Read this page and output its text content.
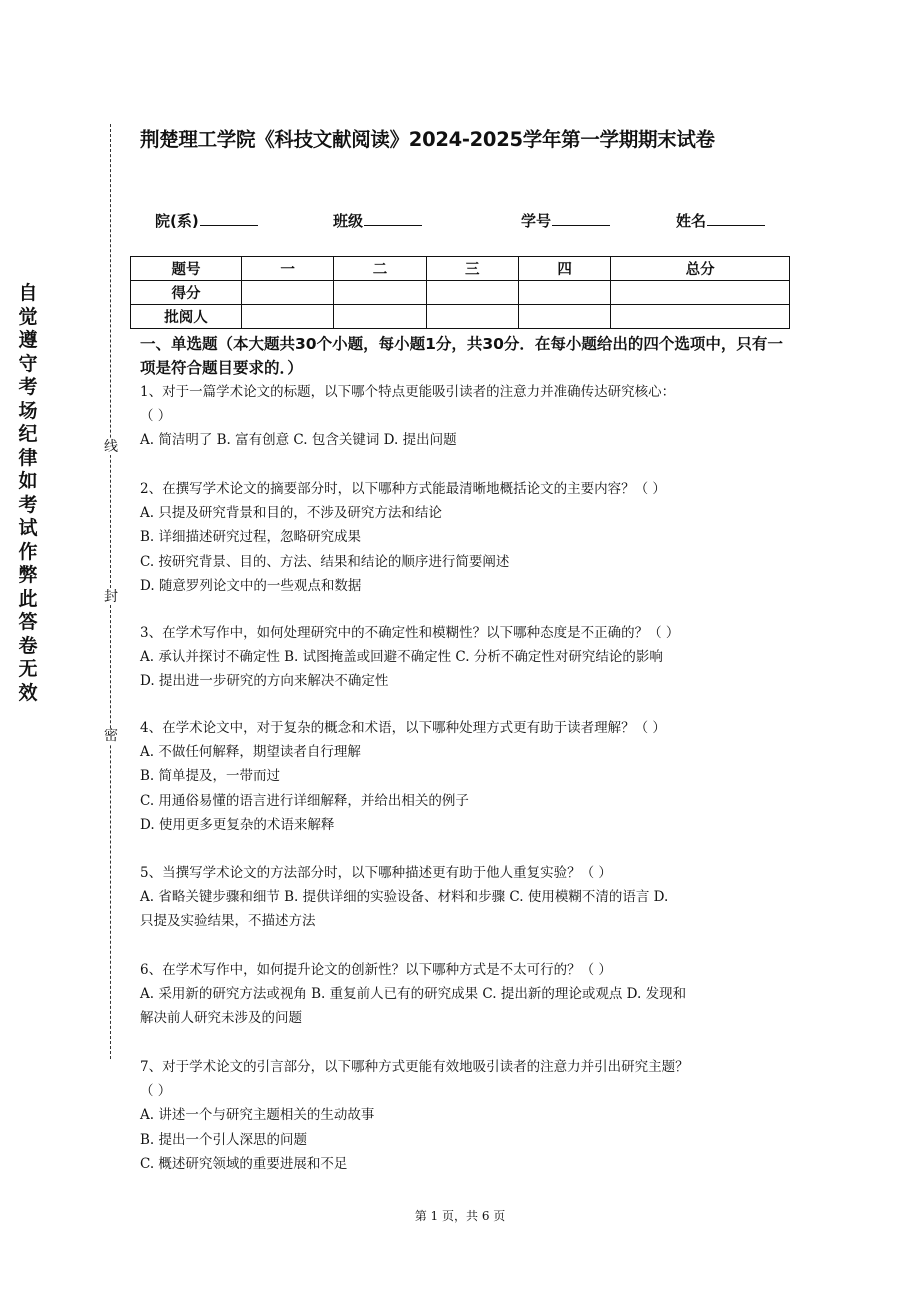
自
觉
遵
守
考
场
纪
律
如
考
试
作
弊
此
答
卷
无
效
线
封
密
荆楚理工学院《科技文献阅读》2024-2025学年第一学期期末试卷
院(系)	班级	学号	姓名
题号	一	二	三	四	总分
得分					
批阅人					
一、单选题（本大题共30个小题，每小题1分，共30分．在每小题给出的四个选项中，只有一项是符合题目要求的．）
1、对于一篇学术论文的标题，以下哪个特点更能吸引读者的注意力并准确传达研究核心：
（ ）
A. 简洁明了 B. 富有创意 C. 包含关键词 D. 提出问题
2、在撰写学术论文的摘要部分时，以下哪种方式能最清晰地概括论文的主要内容？（ ）
A. 只提及研究背景和目的，不涉及研究方法和结论
B. 详细描述研究过程，忽略研究成果
C. 按研究背景、目的、方法、结果和结论的顺序进行简要阐述
D. 随意罗列论文中的一些观点和数据
3、在学术写作中，如何处理研究中的不确定性和模糊性？以下哪种态度是不正确的？（ ）
A. 承认并探讨不确定性 B. 试图掩盖或回避不确定性 C. 分析不确定性对研究结论的影响
D. 提出进一步研究的方向来解决不确定性
4、在学术论文中，对于复杂的概念和术语，以下哪种处理方式更有助于读者理解？（ ）
A. 不做任何解释，期望读者自行理解
B. 简单提及，一带而过
C. 用通俗易懂的语言进行详细解释，并给出相关的例子
D. 使用更多更复杂的术语来解释
5、当撰写学术论文的方法部分时，以下哪种描述更有助于他人重复实验？（ ）
A. 省略关键步骤和细节 B. 提供详细的实验设备、材料和步骤 C. 使用模糊不清的语言 D.
只提及实验结果，不描述方法
6、在学术写作中，如何提升论文的创新性？以下哪种方式是不太可行的？（ ）
A. 采用新的研究方法或视角 B. 重复前人已有的研究成果 C. 提出新的理论或观点 D. 发现和
解决前人研究未涉及的问题
7、对于学术论文的引言部分，以下哪种方式更能有效地吸引读者的注意力并引出研究主题？
（ ）
A. 讲述一个与研究主题相关的生动故事
B. 提出一个引人深思的问题
C. 概述研究领域的重要进展和不足
第 1 页，共 6 页
